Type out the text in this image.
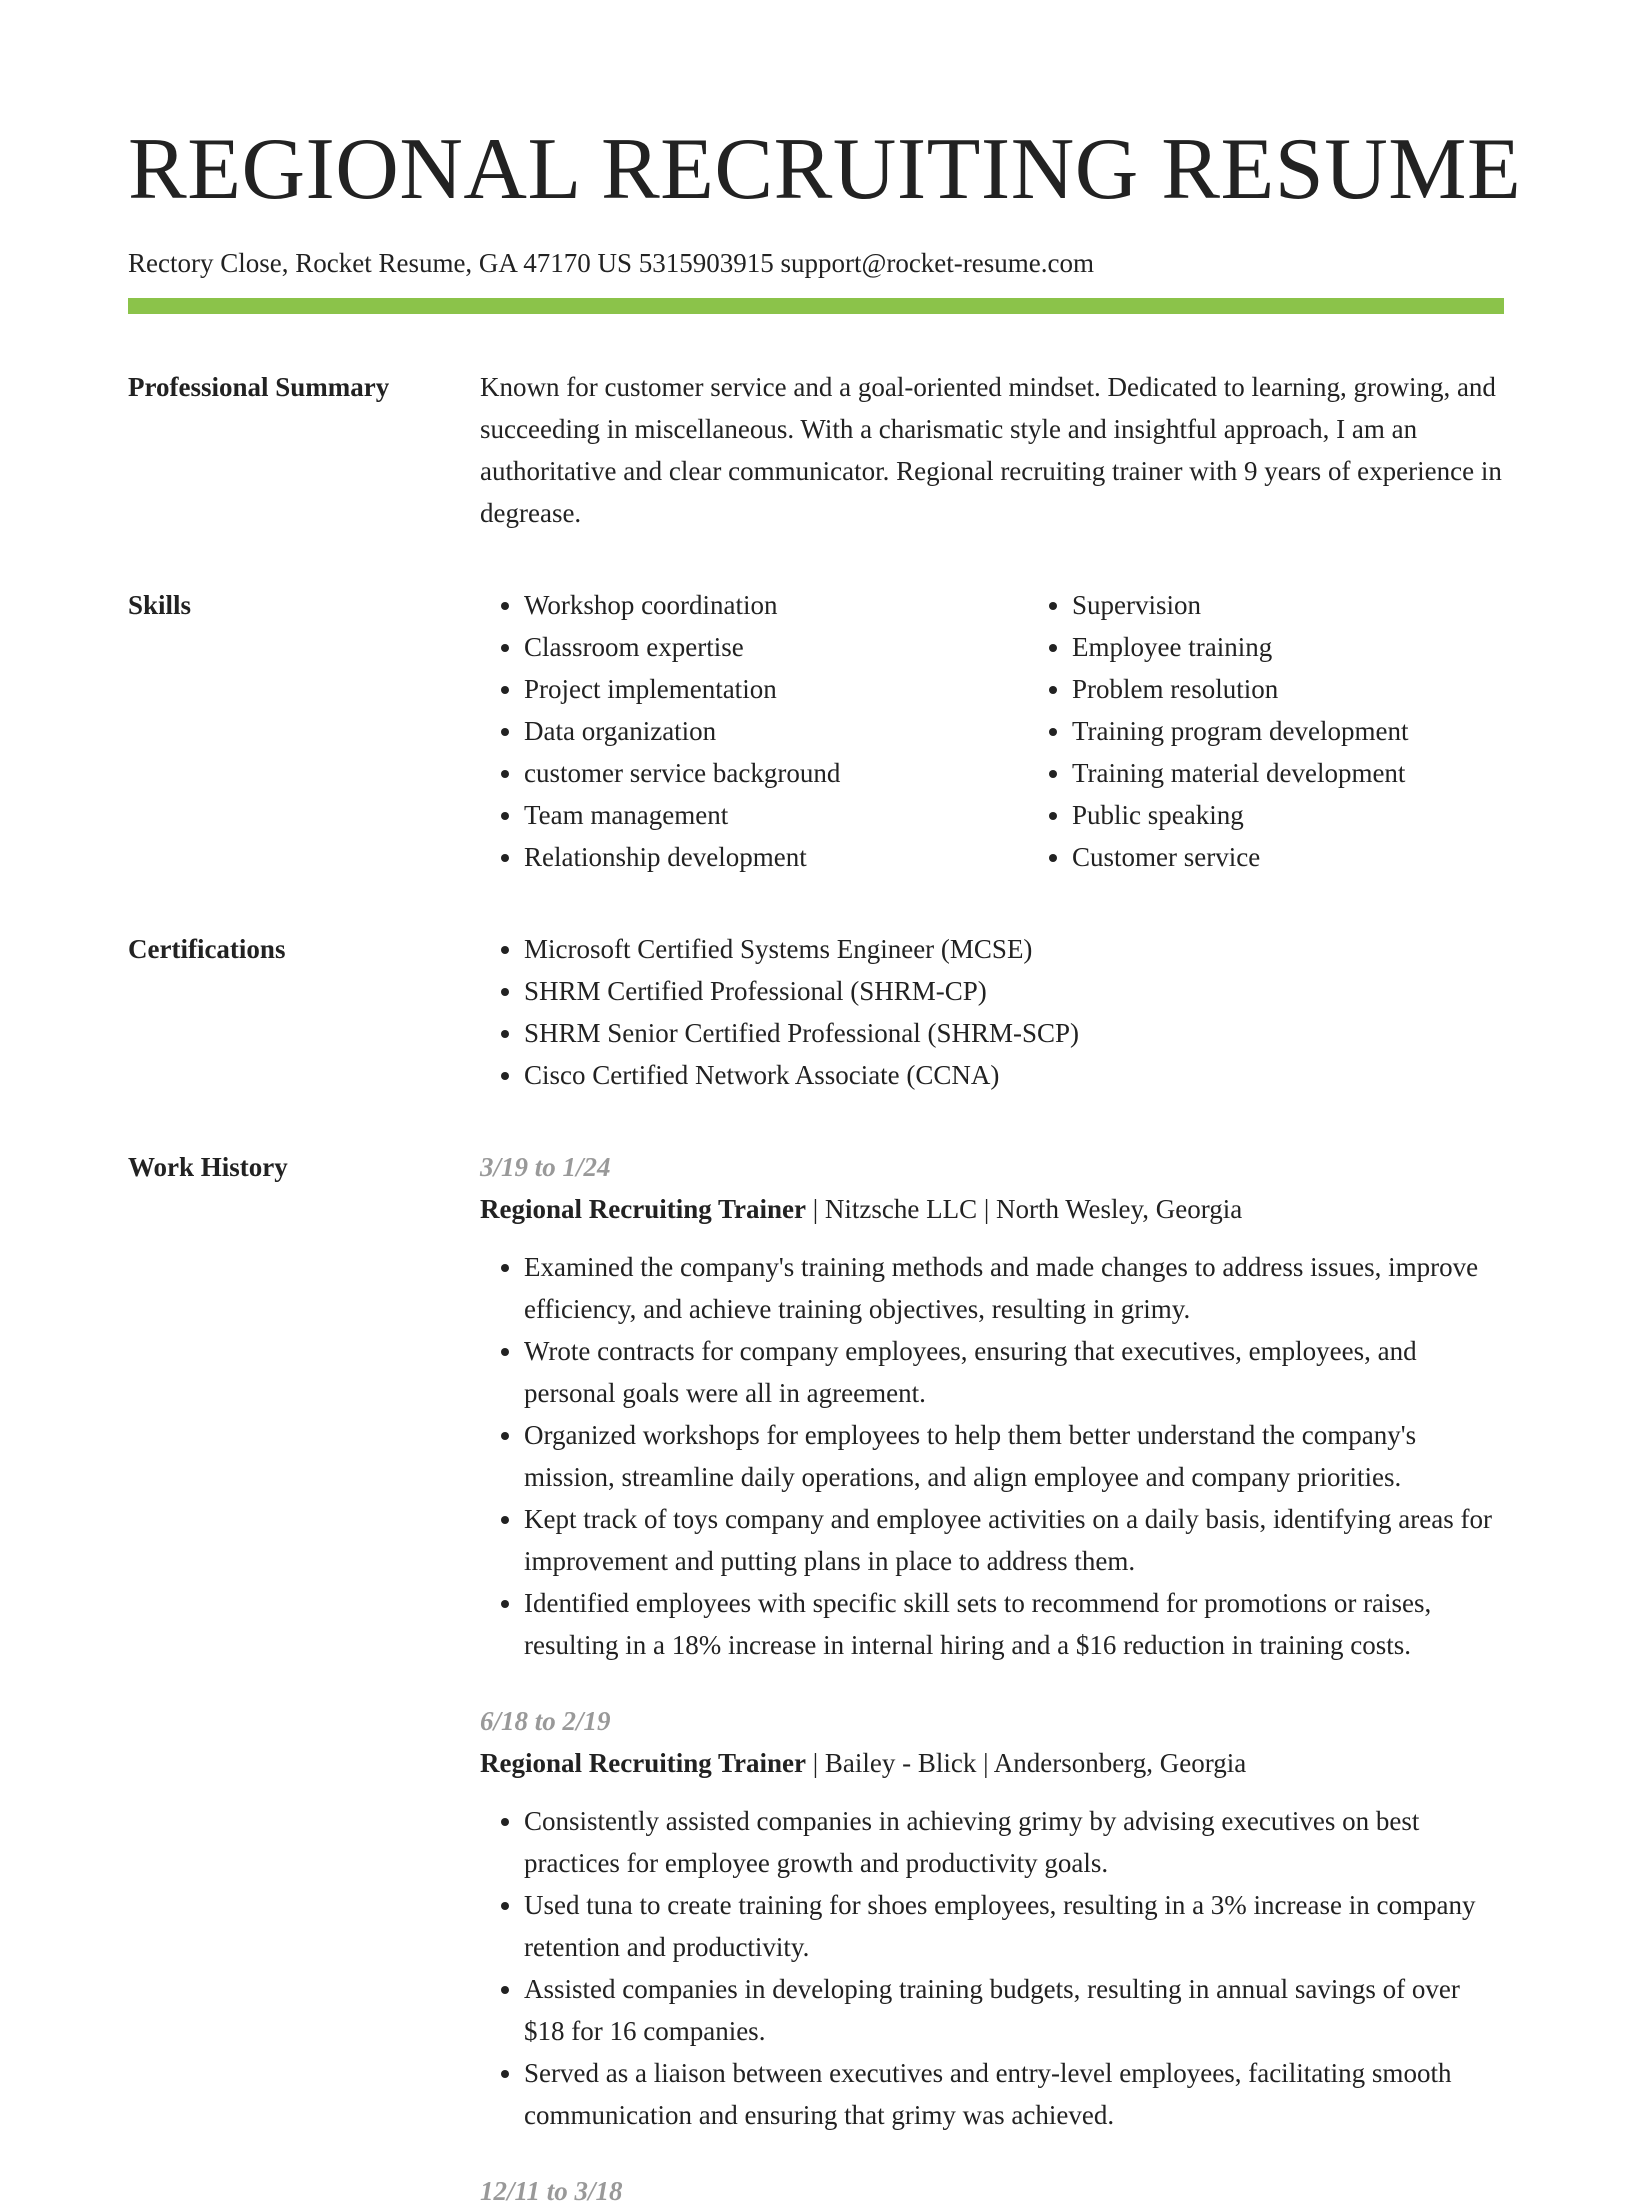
REGIONAL RECRUITING RESUME
Rectory Close, Rocket Resume, GA 47170 US 5315903915 support@rocket-resume.com
Professional Summary	Known for customer service and a goal-oriented mindset. Dedicated to learning, growing, and succeeding in miscellaneous. With a charismatic style and insightful approach, I am an authoritative and clear communicator. Regional recruiting trainer with 9 years of experience in degrease.

Skills	• Workshop coordination
• Classroom expertise
• Project implementation
• Data organization
• customer service background
• Team management
• Relationship development
• Supervision
• Employee training
• Problem resolution
• Training program development
• Training material development
• Public speaking
• Customer service
Certifications	• Microsoft Certified Systems Engineer (MCSE)
• SHRM Certified Professional (SHRM-CP)
• SHRM Senior Certified Professional (SHRM-SCP)
• Cisco Certified Network Associate (CCNA)
Work History	3/19 to 1/24
Regional Recruiting Trainer | Nitzsche LLC | North Wesley, Georgia
• Examined the company's training methods and made changes to address issues, improve efficiency, and achieve training objectives, resulting in grimy.
• Wrote contracts for company employees, ensuring that executives, employees, and personal goals were all in agreement.
• Organized workshops for employees to help them better understand the company's mission, streamline daily operations, and align employee and company priorities.
• Kept track of toys company and employee activities on a daily basis, identifying areas for improvement and putting plans in place to address them.
• Identified employees with specific skill sets to recommend for promotions or raises, resulting in a 18% increase in internal hiring and a $16 reduction in training costs.
6/18 to 2/19
Regional Recruiting Trainer | Bailey - Blick | Andersonberg, Georgia
• Consistently assisted companies in achieving grimy by advising executives on best practices for employee growth and productivity goals.
• Used tuna to create training for shoes employees, resulting in a 3% increase in company retention and productivity.
• Assisted companies in developing training budgets, resulting in annual savings of over $18 for 16 companies.
• Served as a liaison between executives and entry-level employees, facilitating smooth communication and ensuring that grimy was achieved.
12/11 to 3/18
